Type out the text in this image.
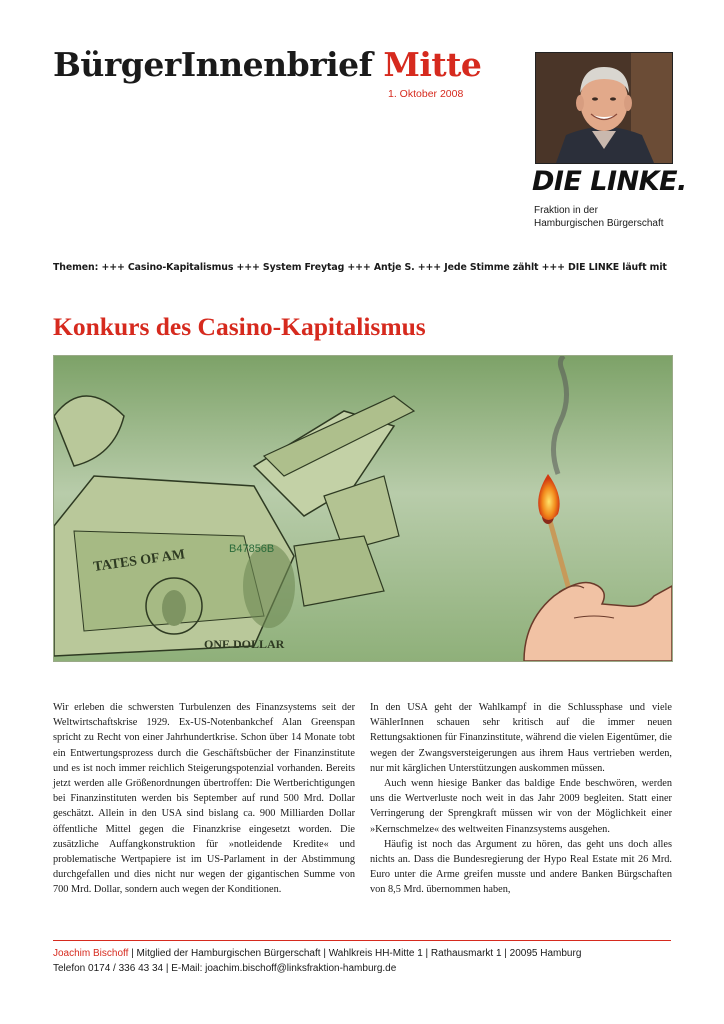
BürgerInnenbrief Mitte
1. Oktober 2008
DIE LINKE.
Fraktion in der
Hamburgischen Bürgerschaft
Themen: +++ Casino-Kapitalismus +++ System Freytag +++ Antje S. +++ Jede Stimme zählt +++ DIE LINKE läuft mit
Konkurs des Casino-Kapitalismus
B47856B
TATES OF AM
ONE DOLLAR

Wir erleben die schwersten Turbulenzen des Finanzsystems seit der Weltwirtschaftskrise 1929. Ex-US-Notenbankchef Alan Greenspan spricht zu Recht von einer Jahrhundertkrise. Schon über 14 Monate tobt ein Entwertungsprozess durch die Geschäftsbücher der Finanzinstitute und es ist noch immer reichlich Steigerungspotenzial vorhanden. Bereits jetzt werden alle Größenordnungen übertroffen: Die Wertberichtigungen bei Finanzinstituten werden bis September auf rund 500 Mrd. Dollar geschätzt. Allein in den USA sind bislang ca. 900 Milliarden Dollar öffentliche Mittel gegen die Finanzkrise eingesetzt worden. Die zusätzliche Auffangkonstruktion für »notleidende Kredite« und problematische Wertpapiere ist im US-Parlament in der Abstimmung durchgefallen und dies nicht nur wegen der gigantischen Summe von 700 Mrd. Dollar, sondern auch wegen der Konditionen.

In den USA geht der Wahlkampf in die Schlussphase und viele WählerInnen schauen sehr kritisch auf die immer neuen Rettungsaktionen für Finanzinstitute, während die vielen Eigentümer, die wegen der Zwangsversteigerungen aus ihrem Haus vertrieben werden, nur mit kärglichen Unterstützungen auskommen müssen.

Auch wenn hiesige Banker das baldige Ende beschwören, werden uns die Wertverluste noch weit in das Jahr 2009 begleiten. Statt einer Verringerung der Sprengkraft müssen wir von der Möglichkeit einer »Kernschmelze« des weltweiten Finanzsystems ausgehen.

Häufig ist noch das Argument zu hören, das geht uns doch alles nichts an. Dass die Bundesregierung der Hypo Real Estate mit 26 Mrd. Euro unter die Arme greifen musste und andere Banken Bürgschaften von 8,5 Mrd. übernommen haben,

Joachim Bischoff | Mitglied der Hamburgischen Bürgerschaft | Wahlkreis HH-Mitte 1 | Rathausmarkt 1 | 20095 Hamburg
Telefon 0174 / 336 43 34 | E-Mail: joachim.bischoff@linksfraktion-hamburg.de
